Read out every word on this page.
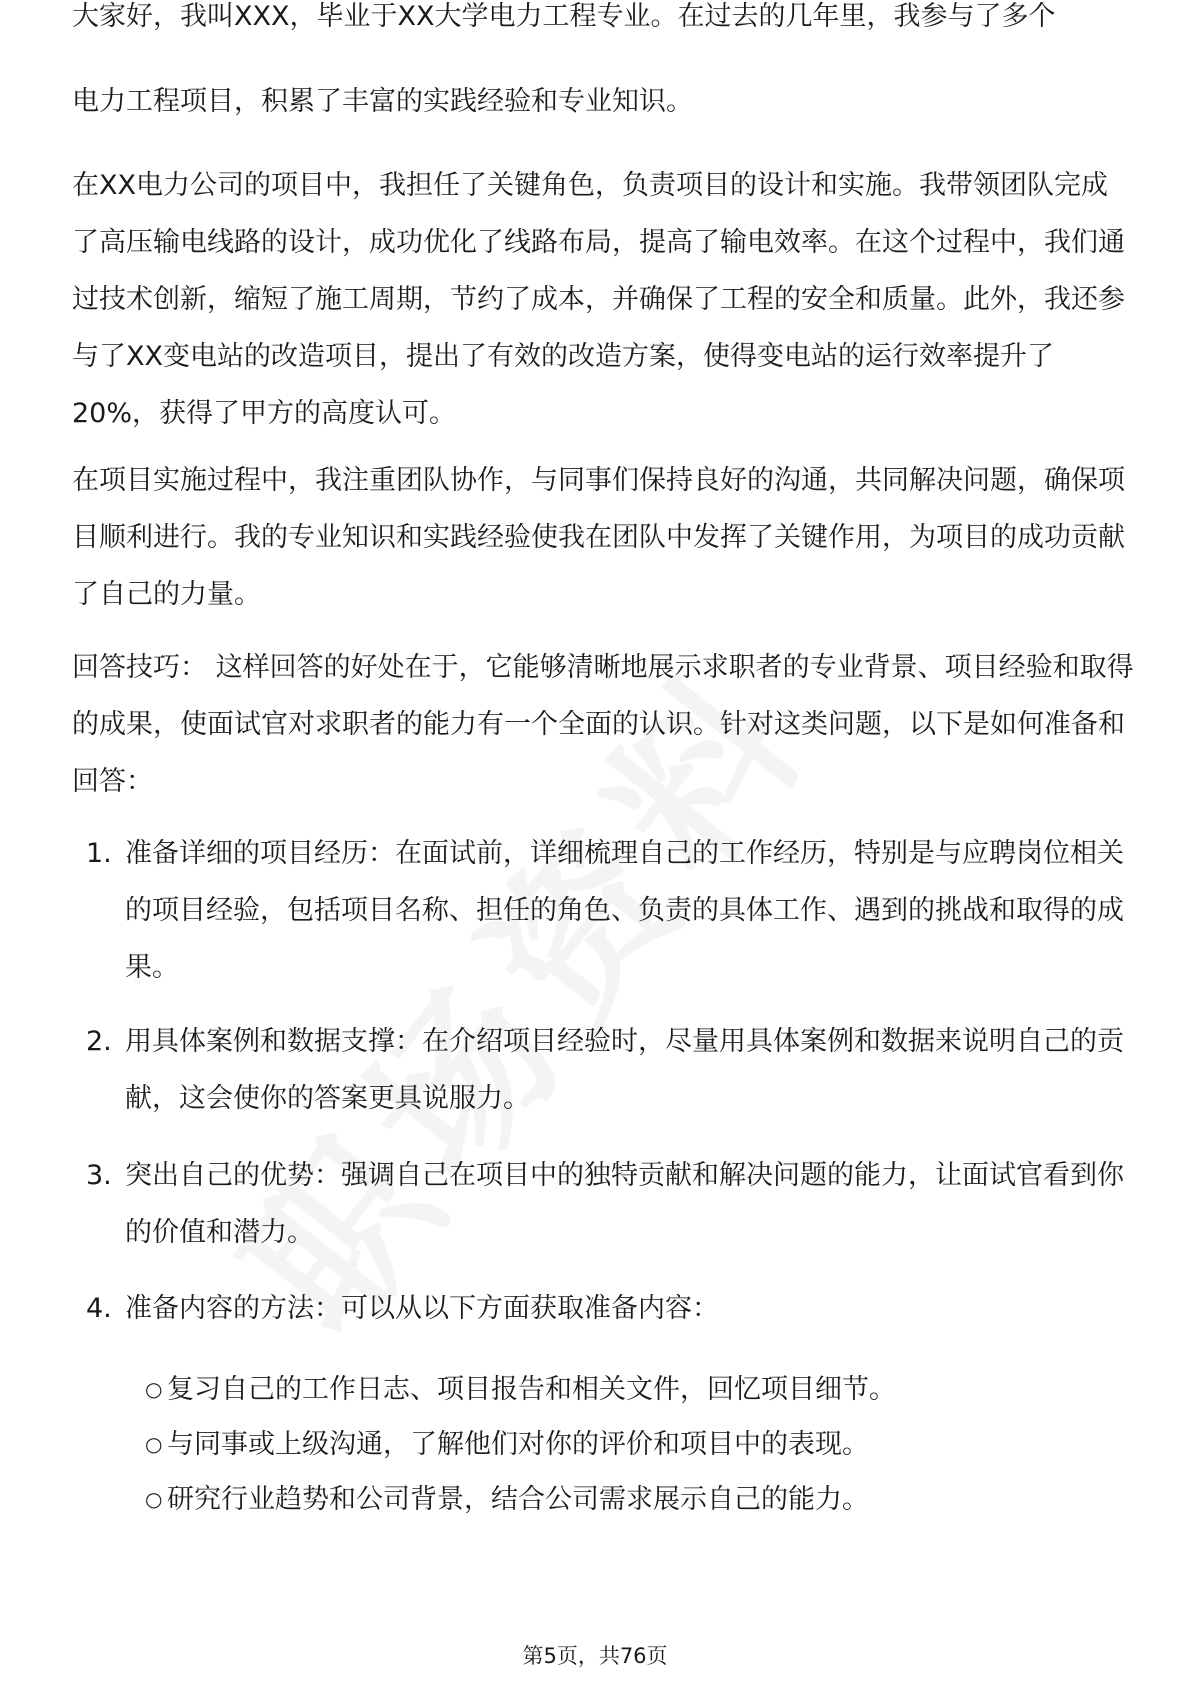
大家好，我叫XXX，毕业于XX大学电力工程专业。在过去的几年里，我参与了多个

电力工程项目，积累了丰富的实践经验和专业知识。

在XX电力公司的项目中，我担任了关键角色，负责项目的设计和实施。我带领团队完成了高压输电线路的设计，成功优化了线路布局，提高了输电效率。在这个过程中，我们通过技术创新，缩短了施工周期，节约了成本，并确保了工程的安全和质量。此外，我还参与了XX变电站的改造项目，提出了有效的改造方案，使得变电站的运行效率提升了20%，获得了甲方的高度认可。

在项目实施过程中，我注重团队协作，与同事们保持良好的沟通，共同解决问题，确保项目顺利进行。我的专业知识和实践经验使我在团队中发挥了关键作用，为项目的成功贡献了自己的力量。

回答技巧： 这样回答的好处在于，它能够清晰地展示求职者的专业背景、项目经验和取得的成果，使面试官对求职者的能力有一个全面的认识。针对这类问题，以下是如何准备和回答：

1. 准备详细的项目经历：在面试前，详细梳理自己的工作经历，特别是与应聘岗位相关的项目经验，包括项目名称、担任的角色、负责的具体工作、遇到的挑战和取得的成果。
2. 用具体案例和数据支撑：在介绍项目经验时，尽量用具体案例和数据来说明自己的贡献，这会使你的答案更具说服力。
3. 突出自己的优势：强调自己在项目中的独特贡献和解决问题的能力，让面试官看到你的价值和潜力。
4. 准备内容的方法：可以从以下方面获取准备内容：
○ 复习自己的工作日志、项目报告和相关文件，回忆项目细节。
○ 与同事或上级沟通，了解他们对你的评价和项目中的表现。
○ 研究行业趋势和公司背景，结合公司需求展示自己的能力。
第5页，共76页
